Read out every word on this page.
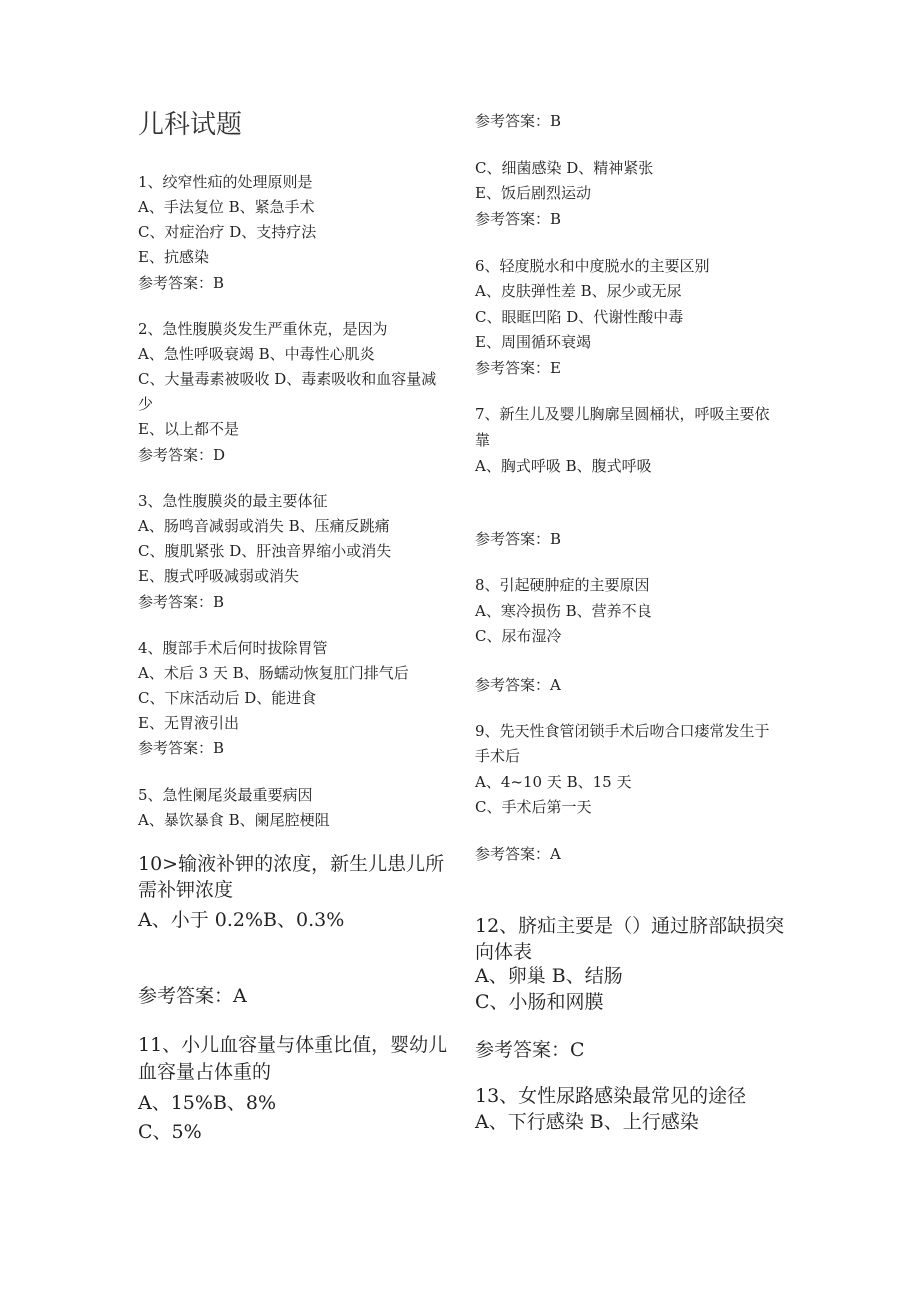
儿科试题
1、绞窄性疝的处理原则是
A、手法复位 B、紧急手术
C、对症治疗 D、支持疗法
E、抗感染
参考答案：B
2、急性腹膜炎发生严重休克，是因为
A、急性呼吸衰竭 B、中毒性心肌炎
C、大量毒素被吸收 D、毒素吸收和血容量减
少
E、以上都不是
参考答案：D
3、急性腹膜炎的最主要体征
A、肠鸣音减弱或消失 B、压痛反跳痛
C、腹肌紧张 D、肝浊音界缩小或消失
E、腹式呼吸减弱或消失
参考答案：B
4、腹部手术后何时拔除胃管
A、术后 3 天 B、肠蠕动恢复肛门排气后
C、下床活动后 D、能进食
E、无胃液引出
参考答案：B
5、急性阑尾炎最重要病因
A、暴饮暴食 B、阑尾腔梗阻
10>输液补钾的浓度，新生儿患儿所
需补钾浓度
A、小于 0.2%B、0.3%
参考答案：A
11、小儿血容量与体重比值，婴幼儿
血容量占体重的
A、15%B、8%
C、5%
参考答案：B
C、细菌感染 D、精神紧张
E、饭后剧烈运动
参考答案：B
6、轻度脱水和中度脱水的主要区别
A、皮肤弹性差 B、尿少或无尿
C、眼眶凹陷 D、代谢性酸中毒
E、周围循环衰竭
参考答案：E
7、新生儿及婴儿胸廓呈圆桶状，呼吸主要依
靠
A、胸式呼吸 B、腹式呼吸
参考答案：B
8、引起硬肿症的主要原因
A、寒冷损伤 B、营养不良
C、尿布湿冷
参考答案：A
9、先天性食管闭锁手术后吻合口瘘常发生于
手术后
A、4~10 天 B、15 天
C、手术后第一天
参考答案：A
12、脐疝主要是（）通过脐部缺损突
向体表
A、卵巢 B、结肠
C、小肠和网膜
参考答案：C
13、女性尿路感染最常见的途径
A、下行感染 B、上行感染
